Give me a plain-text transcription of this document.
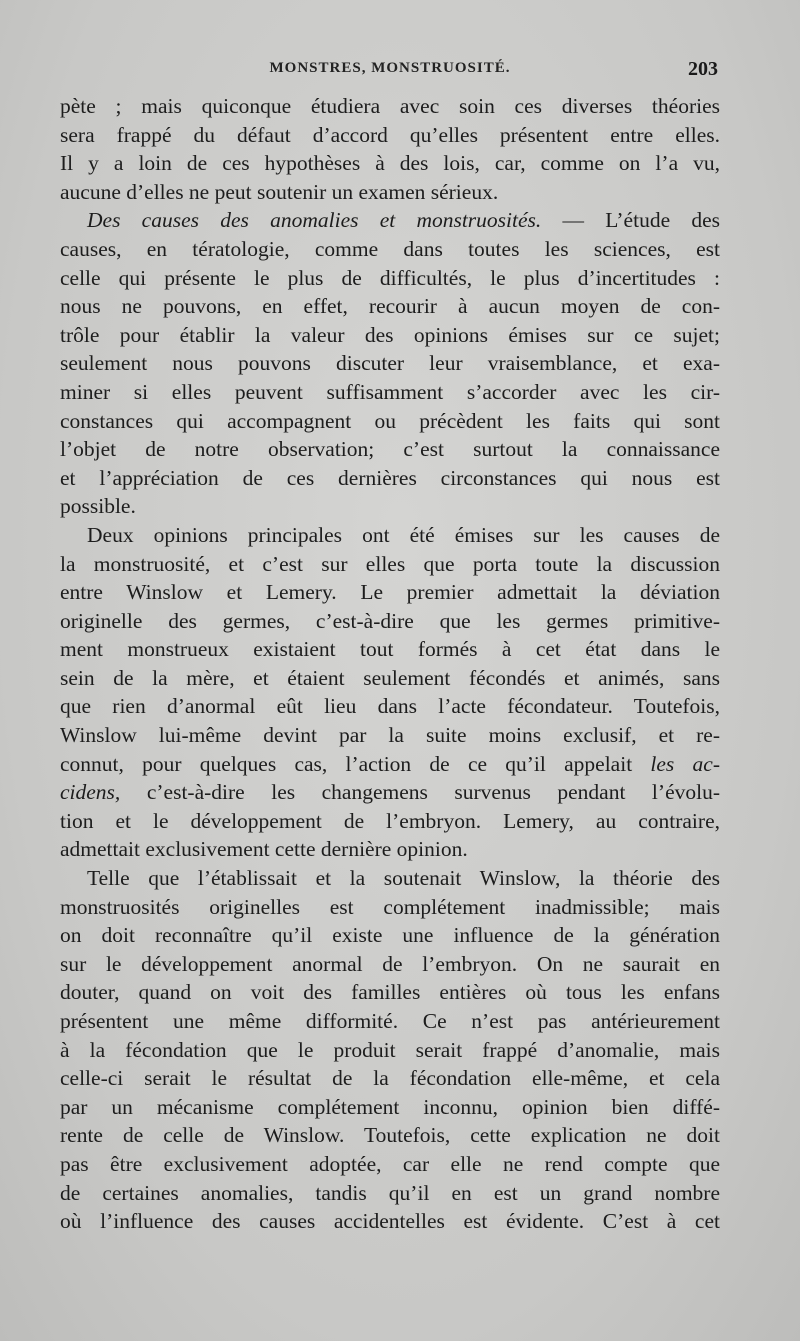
MONSTRES, MONSTRUOSITÉ.	203

pète ; mais quiconque étudiera avec soin ces diverses théories
sera frappé du défaut d’accord qu’elles présentent entre elles.
Il y a loin de ces hypothèses à des lois, car, comme on l’a vu,
aucune d’elles ne peut soutenir un examen sérieux.

Des causes des anomalies et monstruosités. — L’étude des
causes, en tératologie, comme dans toutes les sciences, est
celle qui présente le plus de difficultés, le plus d’incertitudes :
nous ne pouvons, en effet, recourir à aucun moyen de con-
trôle pour établir la valeur des opinions émises sur ce sujet;
seulement nous pouvons discuter leur vraisemblance, et exa-
miner si elles peuvent suffisamment s’accorder avec les cir-
constances qui accompagnent ou précèdent les faits qui sont
l’objet de notre observation; c’est surtout la connaissance
et l’appréciation de ces dernières circonstances qui nous est
possible.

Deux opinions principales ont été émises sur les causes de
la monstruosité, et c’est sur elles que porta toute la discussion
entre Winslow et Lemery. Le premier admettait la déviation
originelle des germes, c’est-à-dire que les germes primitive-
ment monstrueux existaient tout formés à cet état dans le
sein de la mère, et étaient seulement fécondés et animés, sans
que rien d’anormal eût lieu dans l’acte fécondateur. Toutefois,
Winslow lui-même devint par la suite moins exclusif, et re-
connut, pour quelques cas, l’action de ce qu’il appelait les ac-
cidens, c’est-à-dire les changemens survenus pendant l’évolu-
tion et le développement de l’embryon. Lemery, au contraire,
admettait exclusivement cette dernière opinion.

Telle que l’établissait et la soutenait Winslow, la théorie des
monstruosités originelles est complétement inadmissible; mais
on doit reconnaître qu’il existe une influence de la génération
sur le développement anormal de l’embryon. On ne saurait en
douter, quand on voit des familles entières où tous les enfans
présentent une même difformité. Ce n’est pas antérieurement
à la fécondation que le produit serait frappé d’anomalie, mais
celle-ci serait le résultat de la fécondation elle-même, et cela
par un mécanisme complétement inconnu, opinion bien diffé-
rente de celle de Winslow. Toutefois, cette explication ne doit
pas être exclusivement adoptée, car elle ne rend compte que
de certaines anomalies, tandis qu’il en est un grand nombre
où l’influence des causes accidentelles est évidente. C’est à cet
